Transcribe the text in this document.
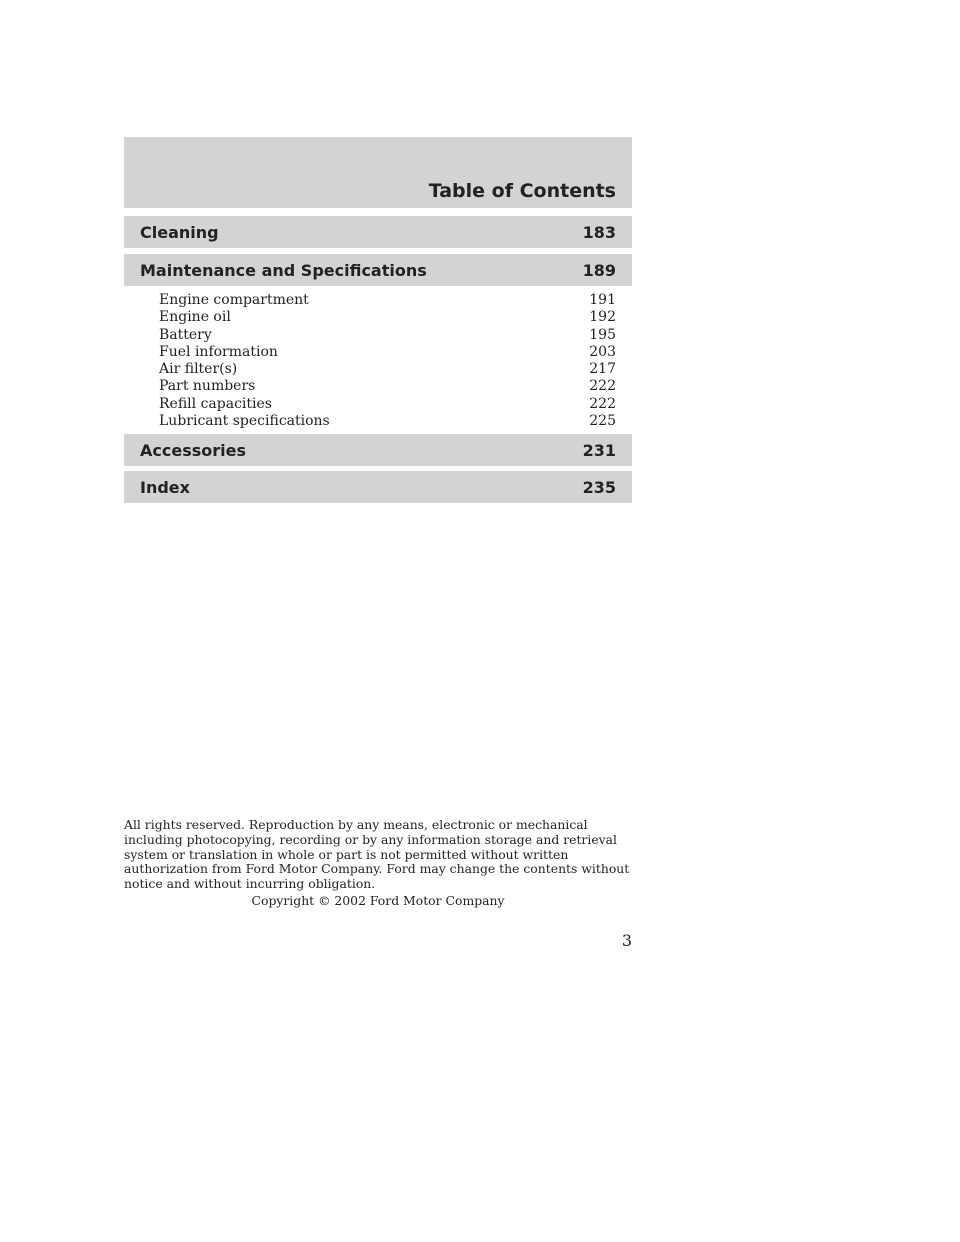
Table of Contents
Cleaning	183
Maintenance and Specifications	189
Engine compartment	191
Engine oil	192
Battery	195
Fuel information	203
Air filter(s)	217
Part numbers	222
Refill capacities	222
Lubricant specifications	225
Accessories	231
Index	235
All rights reserved. Reproduction by any means, electronic or mechanical including photocopying, recording or by any information storage and retrieval system or translation in whole or part is not permitted without written authorization from Ford Motor Company. Ford may change the contents without notice and without incurring obligation.
Copyright © 2002 Ford Motor Company
3
